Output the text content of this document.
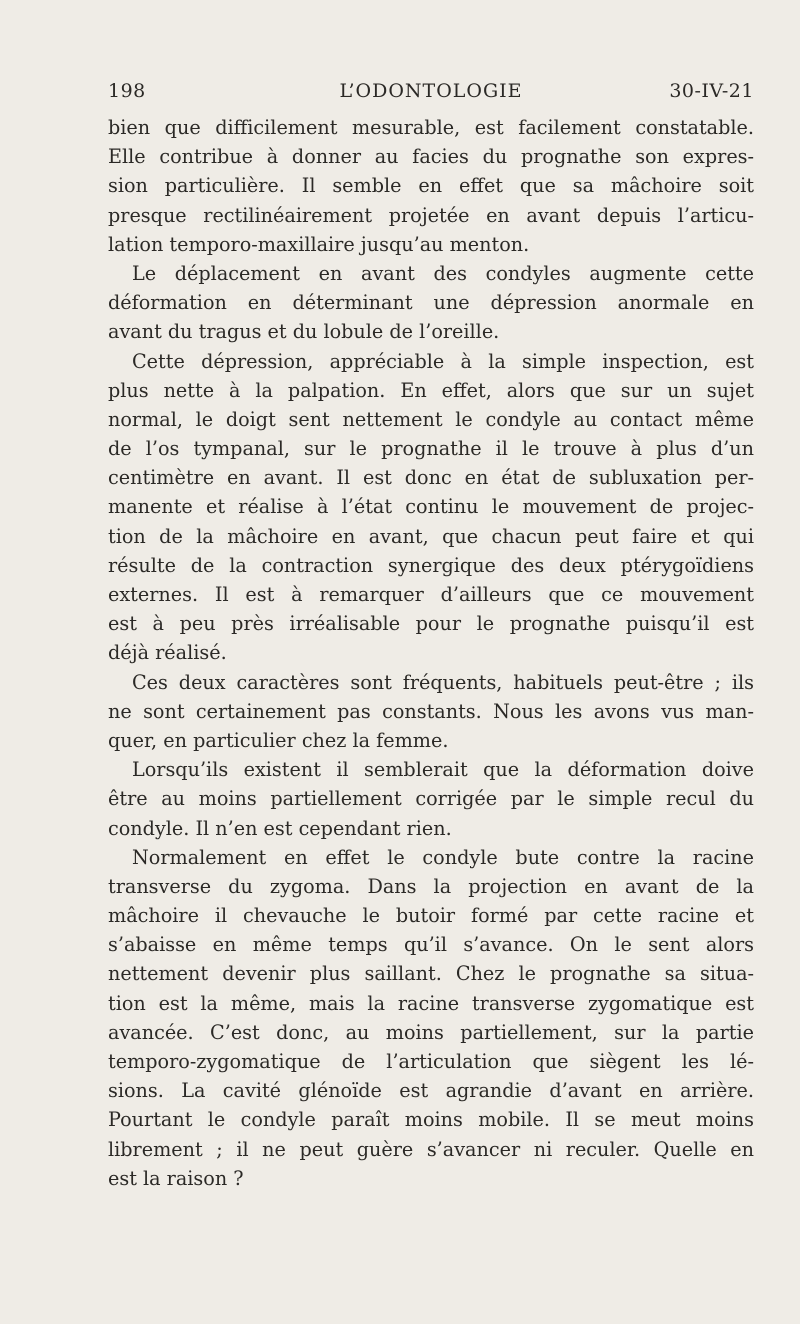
198	L’ODONTOLOGIE	30-IV-21
bien que difficilement mesurable, est facilement constatable.
Elle contribue à donner au facies du prognathe son expres-
sion particulière. Il semble en effet que sa mâchoire soit
presque rectilinéairement projetée en avant depuis l’articu-
lation temporo-maxillaire jusqu’au menton.
Le déplacement en avant des condyles augmente cette
déformation en déterminant une dépression anormale en
avant du tragus et du lobule de l’oreille.
Cette dépression, appréciable à la simple inspection, est
plus nette à la palpation. En effet, alors que sur un sujet
normal, le doigt sent nettement le condyle au contact même
de l’os tympanal, sur le prognathe il le trouve à plus d’un
centimètre en avant. Il est donc en état de subluxation per-
manente et réalise à l’état continu le mouvement de projec-
tion de la mâchoire en avant, que chacun peut faire et qui
résulte de la contraction synergique des deux ptérygoïdiens
externes. Il est à remarquer d’ailleurs que ce mouvement
est à peu près irréalisable pour le prognathe puisqu’il est
déjà réalisé.
Ces deux caractères sont fréquents, habituels peut-être ; ils
ne sont certainement pas constants. Nous les avons vus man-
quer, en particulier chez la femme.
Lorsqu’ils existent il semblerait que la déformation doive
être au moins partiellement corrigée par le simple recul du
condyle. Il n’en est cependant rien.
Normalement en effet le condyle bute contre la racine
transverse du zygoma. Dans la projection en avant de la
mâchoire il chevauche le butoir formé par cette racine et
s’abaisse en même temps qu’il s’avance. On le sent alors
nettement devenir plus saillant. Chez le prognathe sa situa-
tion est la même, mais la racine transverse zygomatique est
avancée. C’est donc, au moins partiellement, sur la partie
temporo-zygomatique de l’articulation que siègent les lé-
sions. La cavité glénoïde est agrandie d’avant en arrière.
Pourtant le condyle paraît moins mobile. Il se meut moins
librement ; il ne peut guère s’avancer ni reculer. Quelle en
est la raison ?
